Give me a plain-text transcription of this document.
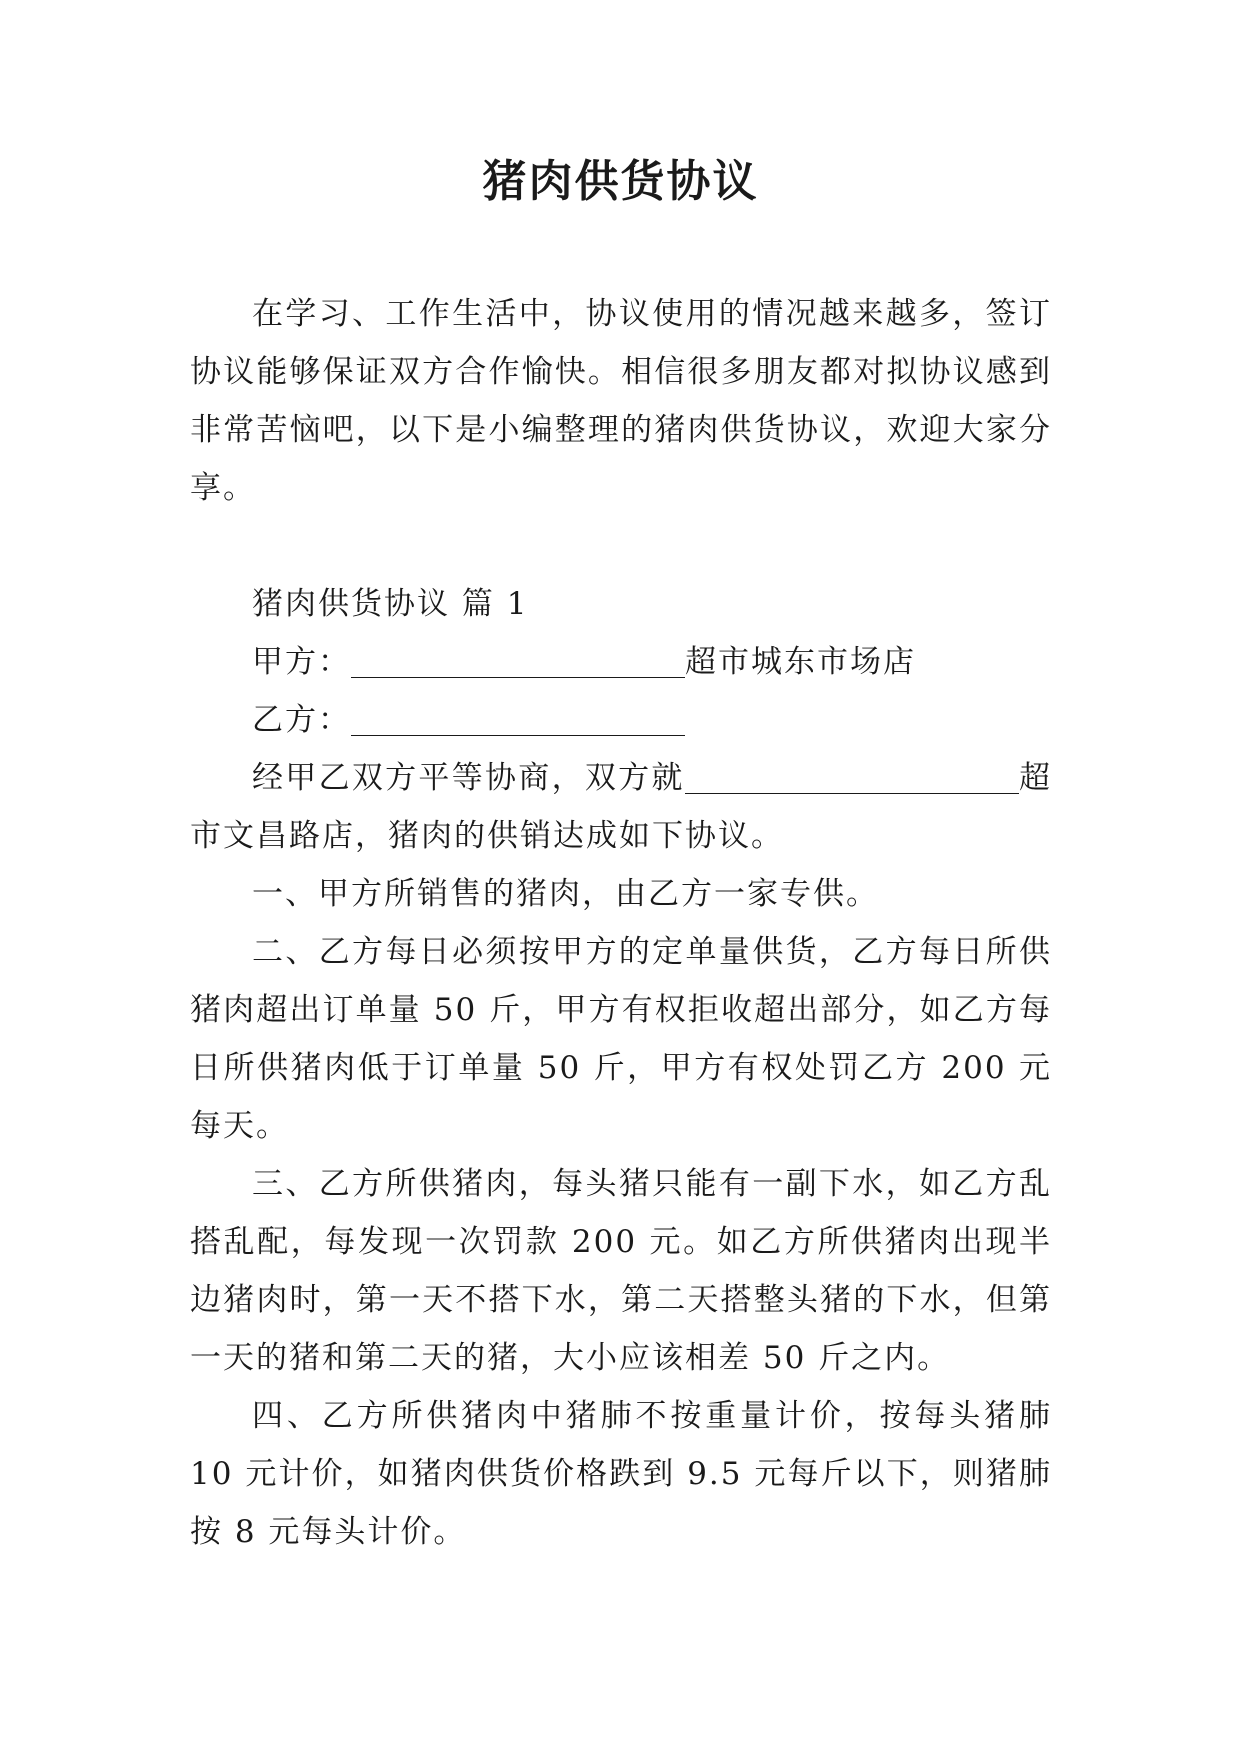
猪肉供货协议

在学习、工作生活中，协议使用的情况越来越多，签订协议能够保证双方合作愉快。相信很多朋友都对拟协议感到非常苦恼吧，以下是小编整理的猪肉供货协议，欢迎大家分享。

猪肉供货协议 篇 1

甲方：	超市城东市场店

乙方：

经甲乙双方平等协商，双方就	超市文昌路店，猪肉的供销达成如下协议。

一、甲方所销售的猪肉，由乙方一家专供。

二、乙方每日必须按甲方的定单量供货，乙方每日所供猪肉超出订单量 50 斤，甲方有权拒收超出部分，如乙方每日所供猪肉低于订单量 50 斤，甲方有权处罚乙方 200 元每天。

三、乙方所供猪肉，每头猪只能有一副下水，如乙方乱搭乱配，每发现一次罚款 200 元。如乙方所供猪肉出现半边猪肉时，第一天不搭下水，第二天搭整头猪的下水，但第一天的猪和第二天的猪，大小应该相差 50 斤之内。

四、乙方所供猪肉中猪肺不按重量计价，按每头猪肺 10 元计价，如猪肉供货价格跌到 9.5 元每斤以下，则猪肺按 8 元每头计价。
